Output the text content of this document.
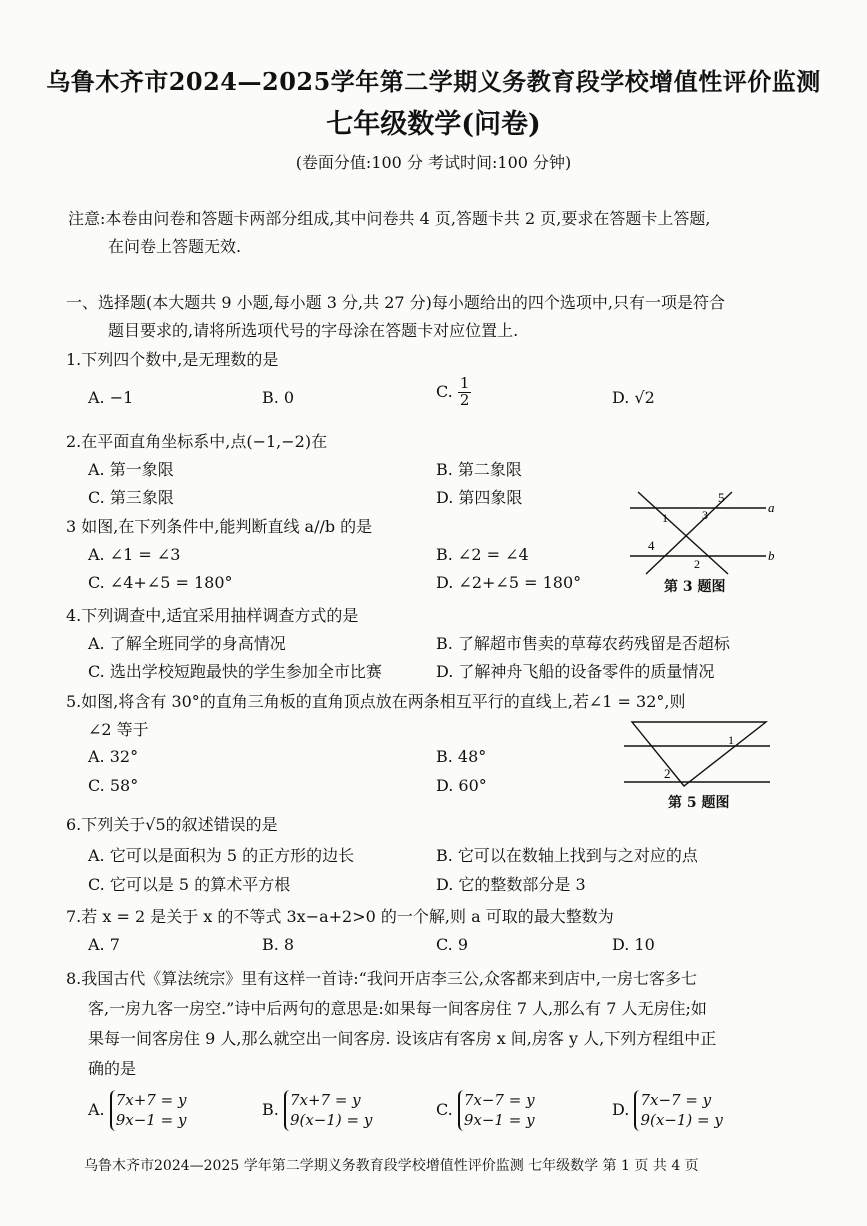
乌鲁木齐市2024—2025学年第二学期义务教育段学校增值性评价监测
七年级数学(问卷)
(卷面分值:100 分 考试时间:100 分钟)
注意:本卷由问卷和答题卡两部分组成,其中问卷共 4 页,答题卡共 2 页,要求在答题卡上答题,
在问卷上答题无效.
一、选择题(本大题共 9 小题,每小题 3 分,共 27 分)每小题给出的四个选项中,只有一项是符合
题目要求的,请将所选项代号的字母涂在答题卡对应位置上.
1.下列四个数中,是无理数的是
A. −1	B. 0	C. $\frac{1}{2}$	D. √2
2.在平面直角坐标系中,点(−1,−2)在
A. 第一象限	B. 第二象限
C. 第三象限	D. 第四象限
3 如图,在下列条件中,能判断直线 a//b 的是
A. ∠1 = ∠3	B. ∠2 = ∠4
C. ∠4+∠5 = 180°	D. ∠2+∠5 = 180°
1	3
5
4
2
a
b
第 3 题图
4.下列调查中,适宜采用抽样调查方式的是
A. 了解全班同学的身高情况	B. 了解超市售卖的草莓农药残留是否超标
C. 选出学校短跑最快的学生参加全市比赛	D. 了解神舟飞船的设备零件的质量情况
5.如图,将含有 30°的直角三角板的直角顶点放在两条相互平行的直线上,若∠1 = 32°,则
∠2 等于
A. 32°	B. 48°
C. 58°	D. 60°
1
2
第 5 题图
6.下列关于√5的叙述错误的是
A. 它可以是面积为 5 的正方形的边长	B. 它可以在数轴上找到与之对应的点
C. 它可以是 5 的算术平方根	D. 它的整数部分是 3
7.若 x = 2 是关于 x 的不等式 3x−a+2>0 的一个解,则 a 可取的最大整数为
A. 7	B. 8	C. 9	D. 10
8.我国古代《算法统宗》里有这样一首诗:“我问开店李三公,众客都来到店中,一房七客多七
客,一房九客一房空.”诗中后两句的意思是:如果每一间客房住 7 人,那么有 7 人无房住;如
果每一间客房住 9 人,那么就空出一间客房. 设该店有客房 x 间,房客 y 人,下列方程组中正
确的是
A. 7x+7 = y
9x−1 = y
B. 7x+7 = y
9(x−1) = y
C. 7x−7 = y
9x−1 = y
D. 7x−7 = y
9(x−1) = y
乌鲁木齐市2024—2025 学年第二学期义务教育段学校增值性评价监测 七年级数学 第 1 页 共 4 页
